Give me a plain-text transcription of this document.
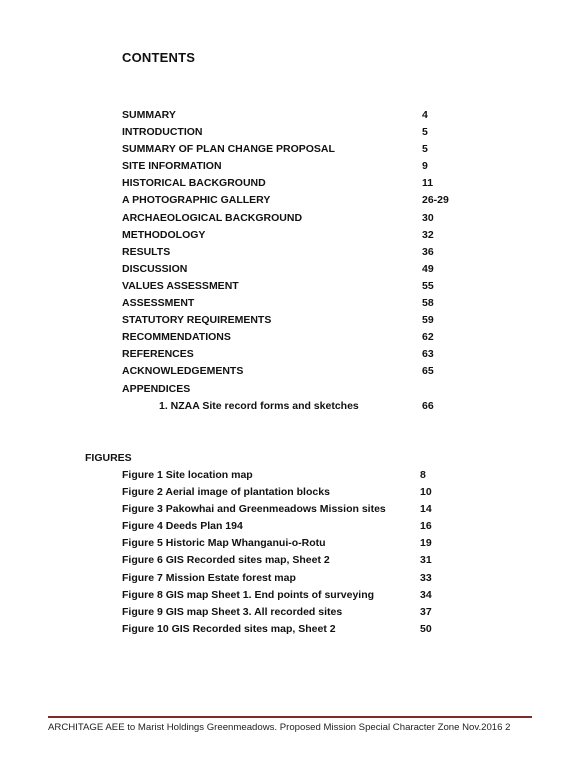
CONTENTS
SUMMARY	4
INTRODUCTION	5
SUMMARY OF PLAN CHANGE PROPOSAL	5
SITE INFORMATION	9
HISTORICAL BACKGROUND	11
A PHOTOGRAPHIC GALLERY	26-29
ARCHAEOLOGICAL BACKGROUND	30
METHODOLOGY	32
RESULTS	36
DISCUSSION	49
VALUES ASSESSMENT	55
ASSESSMENT	58
STATUTORY REQUIREMENTS	59
RECOMMENDATIONS	62
REFERENCES	63
ACKNOWLEDGEMENTS	65
APPENDICES
1. NZAA Site record forms and sketches	66
FIGURES
Figure 1 Site location map	8
Figure 2 Aerial image of plantation blocks	10
Figure 3 Pakowhai and Greenmeadows Mission sites	14
Figure 4 Deeds Plan 194	16
Figure 5 Historic Map Whanganui-o-Rotu	19
Figure 6 GIS Recorded sites map, Sheet 2	31
Figure 7 Mission Estate forest map	33
Figure 8 GIS map Sheet 1. End points of surveying	34
Figure 9 GIS map Sheet 3. All recorded sites	37
Figure 10 GIS Recorded sites map, Sheet 2	50
ARCHITAGE AEE to Marist Holdings Greenmeadows. Proposed Mission Special Character Zone Nov.2016 2
